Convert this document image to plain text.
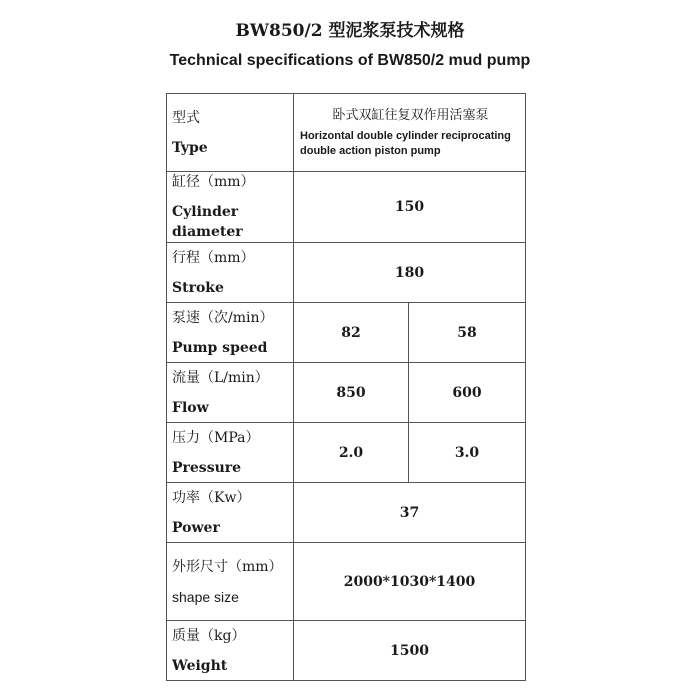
BW850/2 型泥浆泵技术规格
Technical specifications of BW850/2 mud pump
型式
Type	卧式双缸往复双作用活塞泵
Horizontal double cylinder reciprocating double action piston pump	

缸径（mm）
Cylinder diameter	150	

行程（mm）
Stroke	180	

泵速（次/min）
Pump speed	82	58

流量（L/min）
Flow	850	600

压力（MPa）
Pressure	2.0	3.0

功率（Kw）
Power	37	

外形尺寸（mm）
shape size	2000*1030*1400	

质量（kg）
Weight	1500	
